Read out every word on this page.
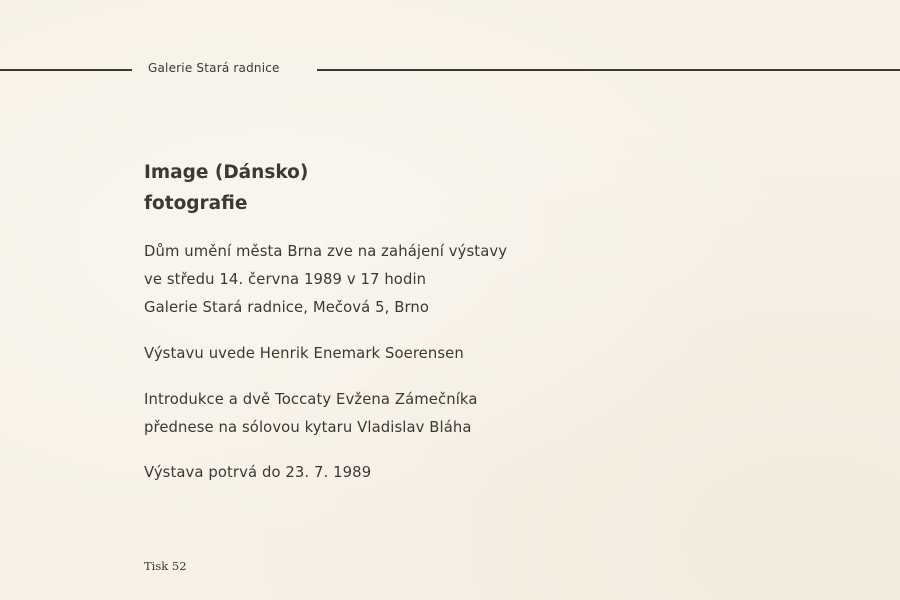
Galerie Stará radnice
Image (Dánsko)
fotografie
Dům umění města Brna zve na zahájení výstavy
ve středu 14. června 1989 v 17 hodin
Galerie Stará radnice, Mečová 5, Brno
Výstavu uvede Henrik Enemark Soerensen
Introdukce a dvě Toccaty Evžena Zámečníka
přednese na sólovou kytaru Vladislav Bláha
Výstava potrvá do 23. 7. 1989
Tisk 52
